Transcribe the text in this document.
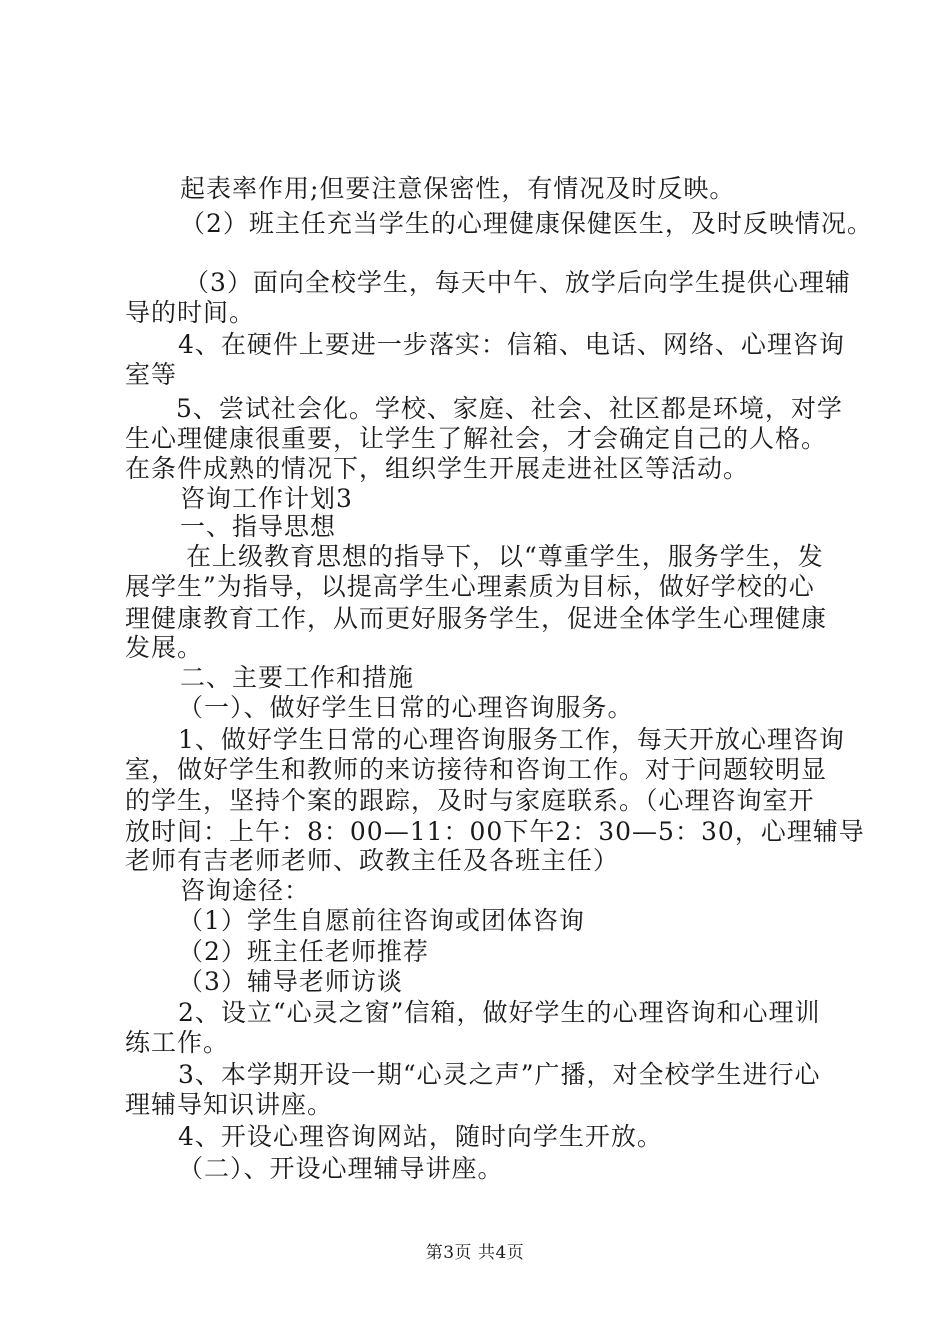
起表率作用;但要注意保密性，有情况及时反映。
（2）班主任充当学生的心理健康保健医生，及时反映情况。
（3）面向全校学生，每天中午、放学后向学生提供心理辅
导的时间。
4、在硬件上要进一步落实：信箱、电话、网络、心理咨询
室等
5、尝试社会化。学校、家庭、社会、社区都是环境，对学
生心理健康很重要，让学生了解社会，才会确定自己的人格。
在条件成熟的情况下，组织学生开展走进社区等活动。
咨询工作计划3
一、指导思想
在上级教育思想的指导下，以“尊重学生，服务学生，发
展学生”为指导，以提高学生心理素质为目标，做好学校的心
理健康教育工作，从而更好服务学生，促进全体学生心理健康
发展。
二、主要工作和措施
（一）、做好学生日常的心理咨询服务。
1、做好学生日常的心理咨询服务工作，每天开放心理咨询
室，做好学生和教师的来访接待和咨询工作。对于问题较明显
的学生，坚持个案的跟踪，及时与家庭联系。（心理咨询室开
放时间：上午：8：00—11：00下午2：30—5：30，心理辅导
老师有吉老师老师、政教主任及各班主任）
咨询途径：
（1）学生自愿前往咨询或团体咨询
（2）班主任老师推荐
（3）辅导老师访谈
2、设立“心灵之窗”信箱，做好学生的心理咨询和心理训
练工作。
3、本学期开设一期“心灵之声”广播，对全校学生进行心
理辅导知识讲座。
4、开设心理咨询网站，随时向学生开放。
（二）、开设心理辅导讲座。
第3页 共4页
